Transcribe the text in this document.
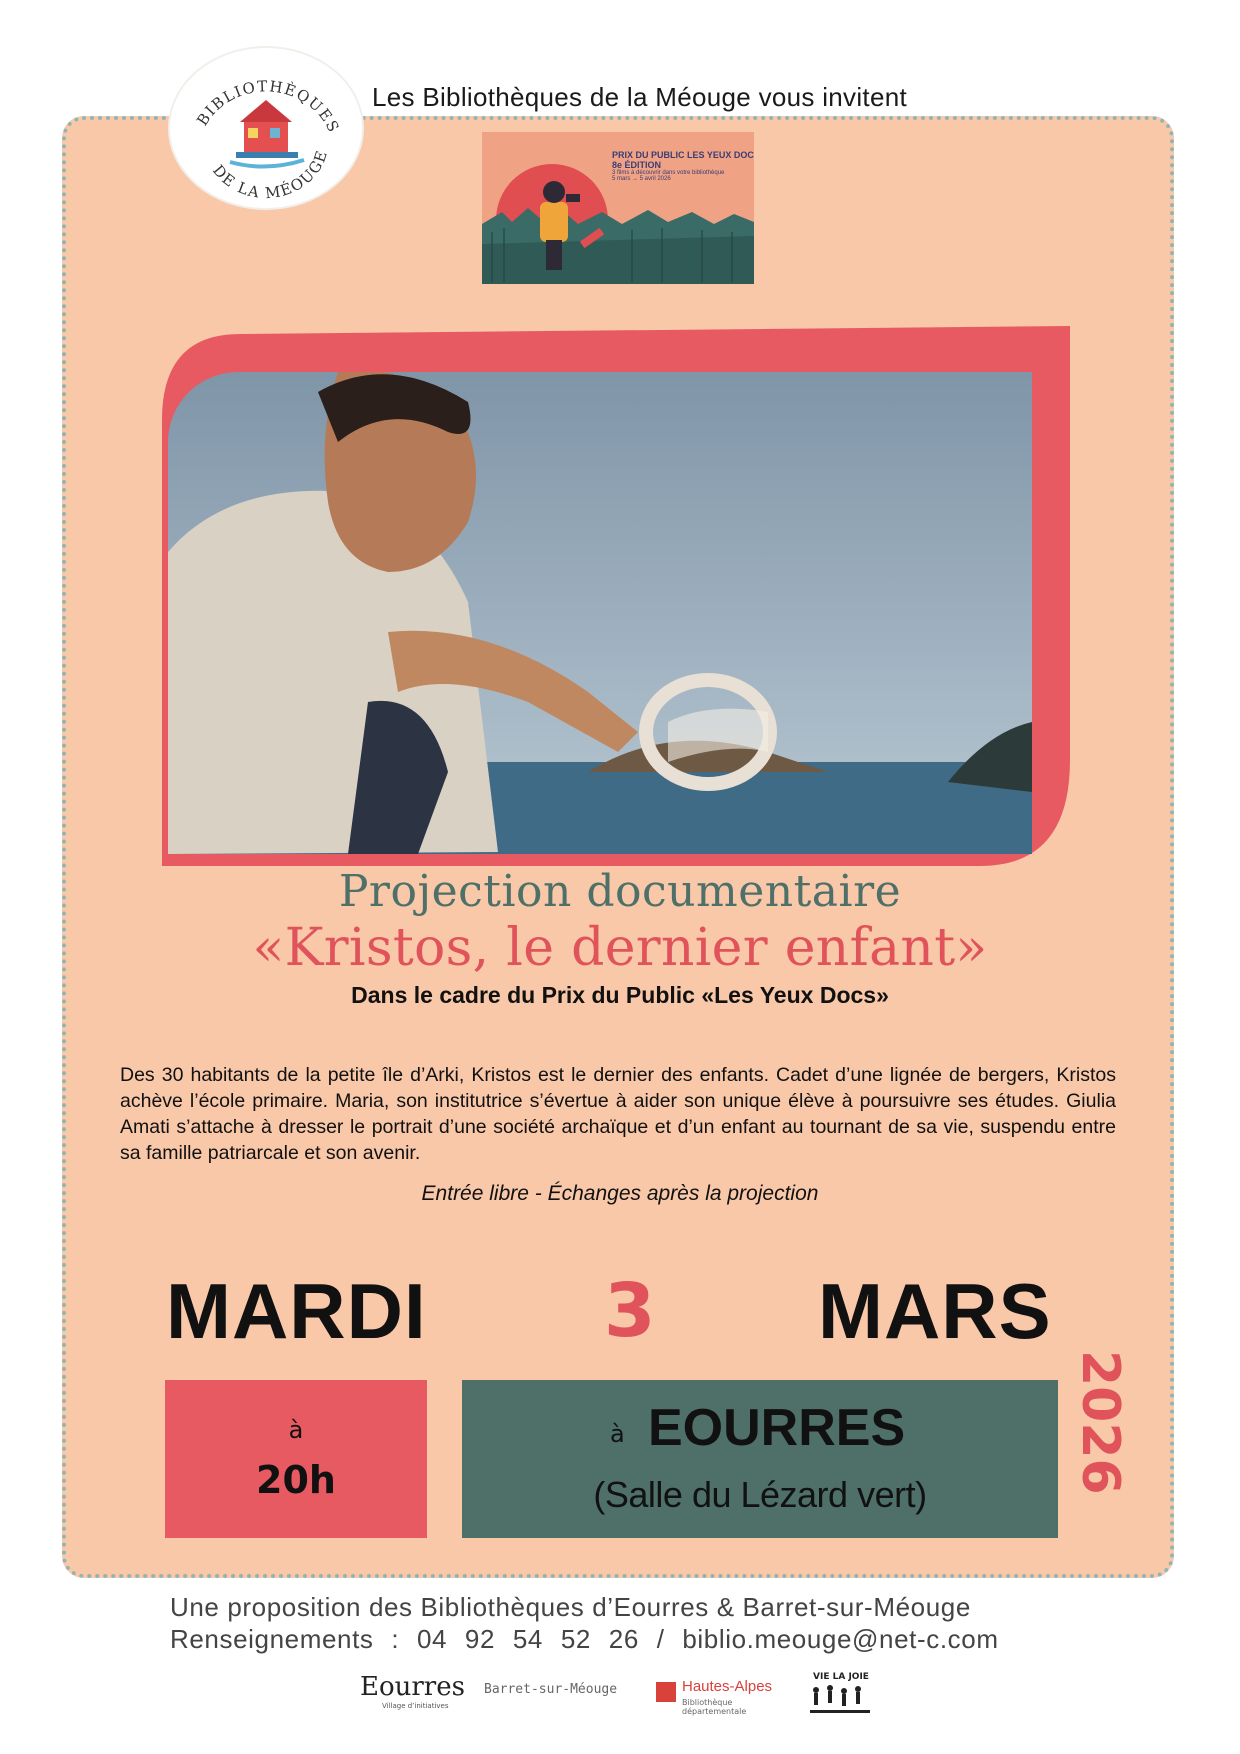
BIBLIOTHÈQUES
DE LA MÉOUGE
Les Bibliothèques de la Méouge vous invitent
PRIX DU PUBLIC LES YEUX DOC
8e ÉDITION
3 films à découvrir dans votre bibliothèque
5 mars → 5 avril 2026
Projection documentaire
«Kristos, le dernier enfant»
Dans le cadre du Prix du Public «Les Yeux Docs»
Des 30 habitants de la petite île d’Arki, Kristos est le dernier des enfants. Cadet d’une lignée de bergers, Kristos achève l’école primaire. Maria, son institutrice s’évertue à aider son unique élève à poursuivre ses études. Giulia Amati s’attache à dresser le portrait d’une société archaïque et d’un enfant au tournant de sa vie, suspendu entre sa famille patriarcale et son avenir.
Entrée libre - Échanges après la projection
MARDI 3 MARS
2026
à
20h
à EOURRES
(Salle du Lézard vert)
Une proposition des Bibliothèques d’Eourres & Barret-sur-Méouge
Renseignements : 04 92 54 52 26 / biblio.meouge@net-c.com
Eourres
Village d’initiatives
Barret-sur-Méouge	Hautes-Alpes
Bibliothèque départementale
VIE LA JOIE
